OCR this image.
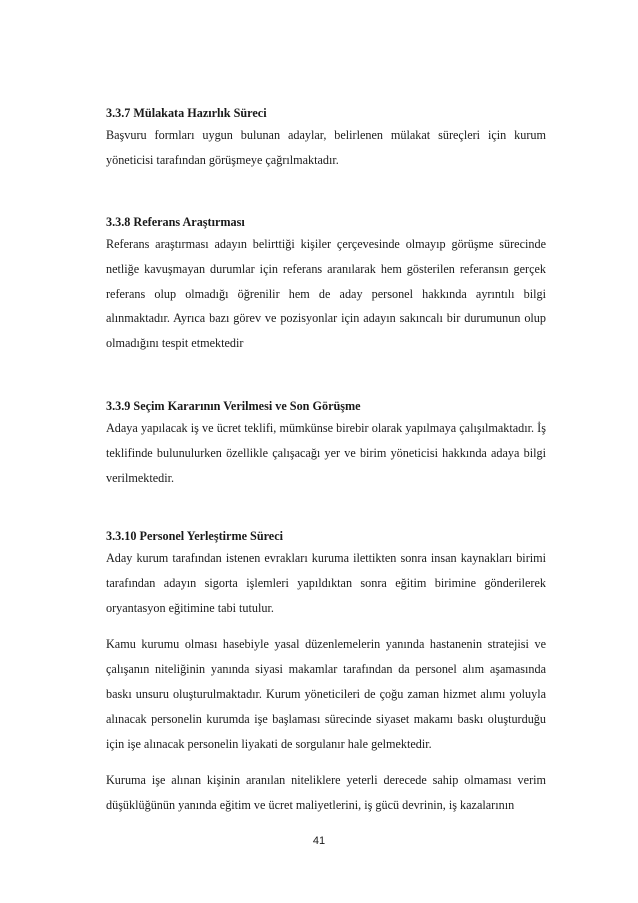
3.3.7 Mülakata Hazırlık Süreci

Başvuru formları uygun bulunan adaylar, belirlenen mülakat süreçleri için kurum yöneticisi tarafından görüşmeye çağrılmaktadır.

3.3.8 Referans Araştırması

Referans araştırması adayın belirttiği kişiler çerçevesinde olmayıp görüşme sürecinde netliğe kavuşmayan durumlar için referans aranılarak hem gösterilen referansın gerçek referans olup olmadığı öğrenilir hem de aday personel hakkında ayrıntılı bilgi alınmaktadır. Ayrıca bazı görev ve pozisyonlar için adayın sakıncalı bir durumunun olup olmadığını tespit etmektedir

3.3.9 Seçim Kararının Verilmesi ve Son Görüşme

Adaya yapılacak iş ve ücret teklifi, mümkünse birebir olarak yapılmaya çalışılmaktadır. İş teklifinde bulunulurken özellikle çalışacağı yer ve birim yöneticisi hakkında adaya bilgi verilmektedir.

3.3.10 Personel Yerleştirme Süreci

Aday kurum tarafından istenen evrakları kuruma ilettikten sonra insan kaynakları birimi tarafından adayın sigorta işlemleri yapıldıktan sonra eğitim birimine gönderilerek oryantasyon eğitimine tabi tutulur.

Kamu kurumu olması hasebiyle yasal düzenlemelerin yanında hastanenin stratejisi ve çalışanın niteliğinin yanında siyasi makamlar tarafından da personel alım aşamasında baskı unsuru oluşturulmaktadır. Kurum yöneticileri de çoğu zaman hizmet alımı yoluyla alınacak personelin kurumda işe başlaması sürecinde siyaset makamı baskı oluşturduğu için işe alınacak personelin liyakati de sorgulanır hale gelmektedir.

Kuruma işe alınan kişinin aranılan niteliklere yeterli derecede sahip olmaması verim düşüklüğünün yanında eğitim ve ücret maliyetlerini, iş gücü devrinin, iş kazalarının

41
